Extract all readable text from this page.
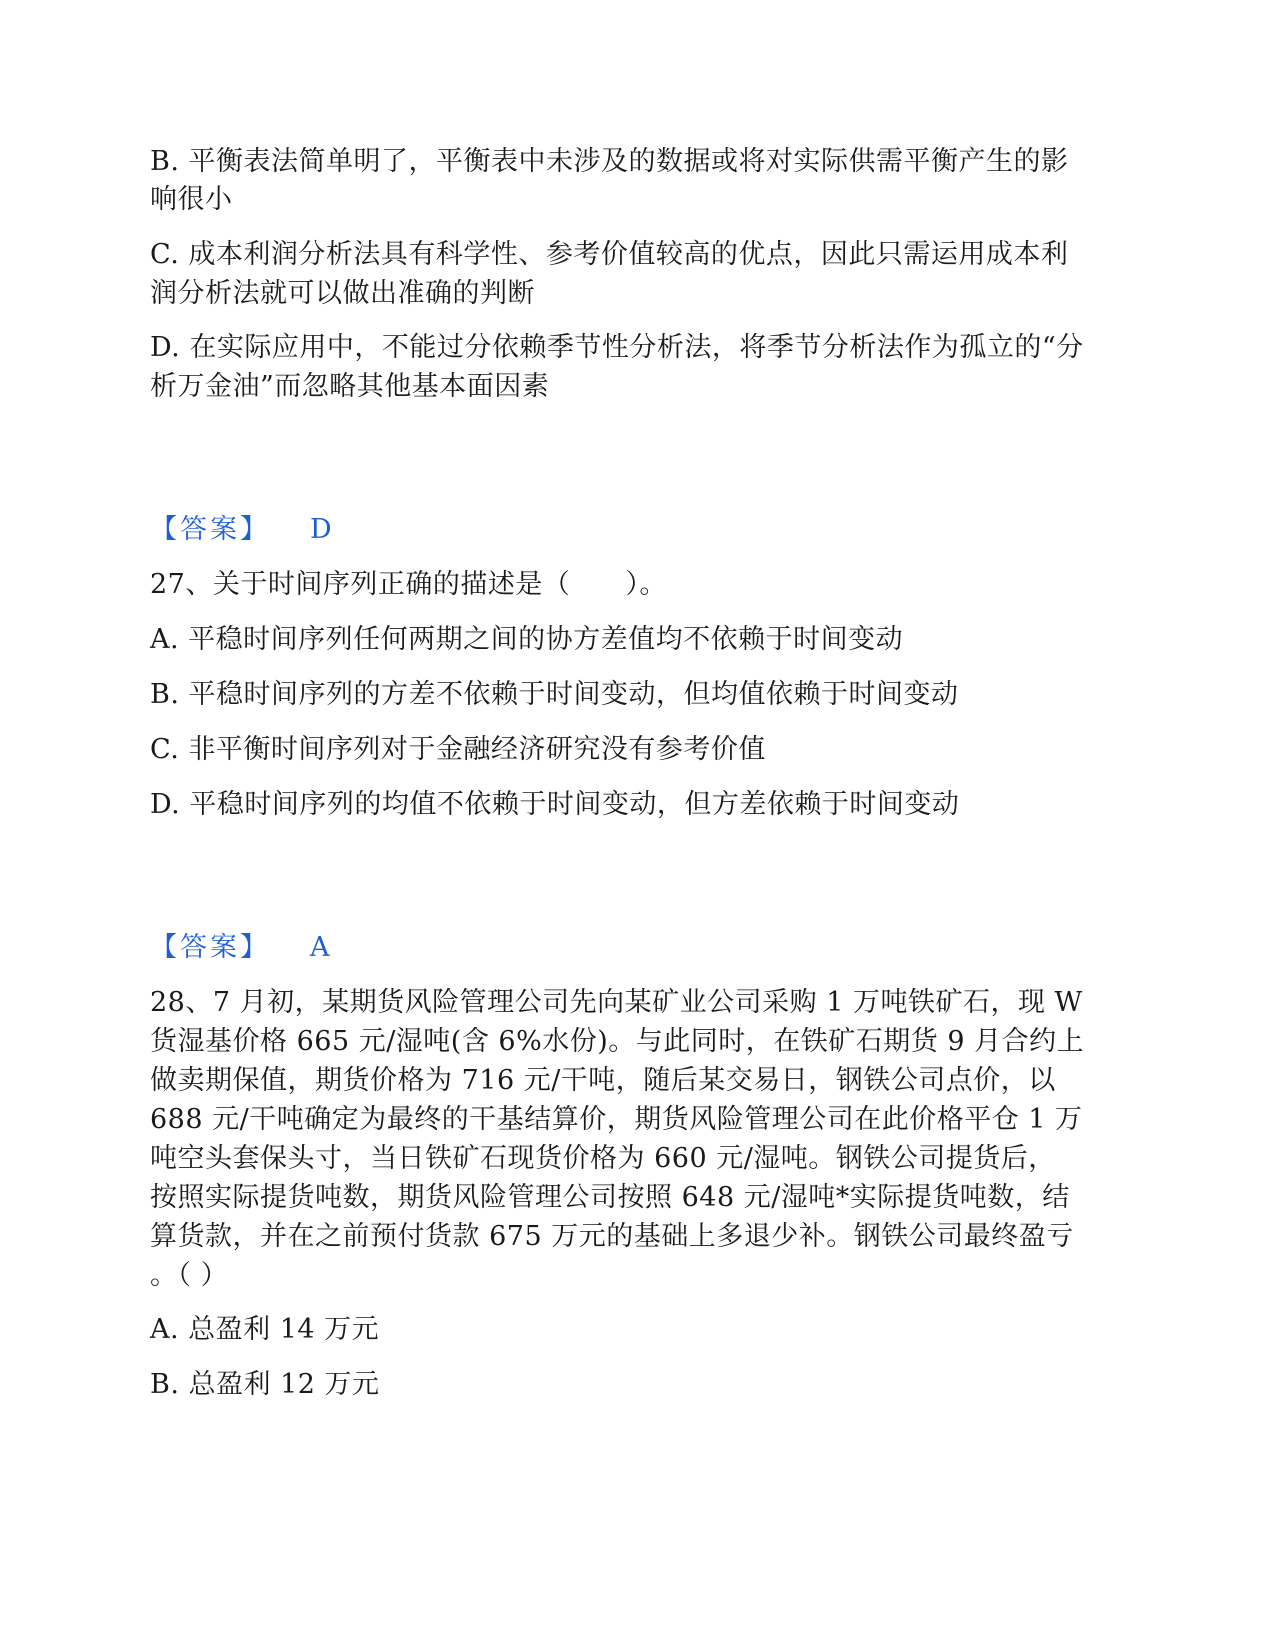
B. 平衡表法简单明了，平衡表中未涉及的数据或将对实际供需平衡产生的影
响很小
C. 成本利润分析法具有科学性、参考价值较高的优点，因此只需运用成本利
润分析法就可以做出准确的判断
D. 在实际应用中，不能过分依赖季节性分析法，将季节分析法作为孤立的“分
析万金油”而忽略其他基本面因素
【答案】 D
27、关于时间序列正确的描述是（　　）。
A. 平稳时间序列任何两期之间的协方差值均不依赖于时间变动
B. 平稳时间序列的方差不依赖于时间变动，但均值依赖于时间变动
C. 非平衡时间序列对于金融经济研究没有参考价值
D. 平稳时间序列的均值不依赖于时间变动，但方差依赖于时间变动
【答案】 A
28、7 月初，某期货风险管理公司先向某矿业公司采购 1 万吨铁矿石，现 W
货湿基价格 665 元/湿吨(含 6%水份)。与此同时，在铁矿石期货 9 月合约上
做卖期保值，期货价格为 716 元/干吨，随后某交易日，钢铁公司点价，以
688 元/干吨确定为最终的干基结算价，期货风险管理公司在此价格平仓 1 万
吨空头套保头寸，当日铁矿石现货价格为 660 元/湿吨。钢铁公司提货后，
按照实际提货吨数，期货风险管理公司按照 648 元/湿吨*实际提货吨数，结
算货款，并在之前预付货款 675 万元的基础上多退少补。钢铁公司最终盈亏
。（ ）
A. 总盈利 14 万元
B. 总盈利 12 万元
